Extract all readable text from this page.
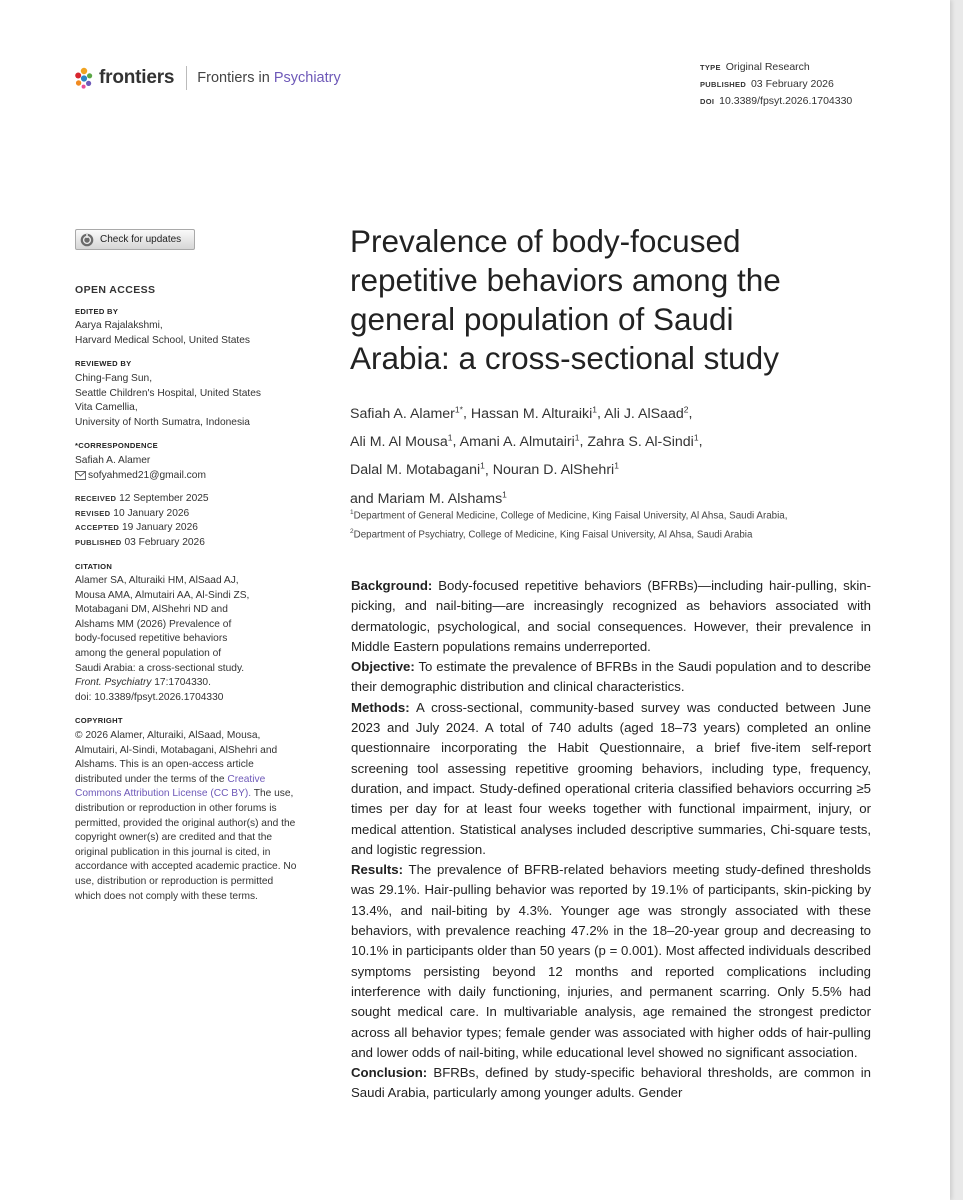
frontiers Frontiers in Psychiatry
TYPE Original Research
PUBLISHED 03 February 2026
DOI 10.3389/fpsyt.2026.1704330
Check for updates
OPEN ACCESS
EDITED BY
Aarya Rajalakshmi,
Harvard Medical School, United States
REVIEWED BY
Ching-Fang Sun,
Seattle Children's Hospital, United States
Vita Camellia,
University of North Sumatra, Indonesia
*CORRESPONDENCE
Safiah A. Alamer
sofyahmed21@gmail.com
RECEIVED 12 September 2025
REVISED 10 January 2026
ACCEPTED 19 January 2026
PUBLISHED 03 February 2026
CITATION
Alamer SA, Alturaiki HM, AlSaad AJ,
Mousa AMA, Almutairi AA, Al-Sindi ZS,
Motabagani DM, AlShehri ND and
Alshams MM (2026) Prevalence of
body-focused repetitive behaviors
among the general population of
Saudi Arabia: a cross-sectional study.
Front. Psychiatry 17:1704330.
doi: 10.3389/fpsyt.2026.1704330
COPYRIGHT
© 2026 Alamer, Alturaiki, AlSaad, Mousa, Almutairi, Al-Sindi, Motabagani, AlShehri and Alshams. This is an open-access article distributed under the terms of the Creative Commons Attribution License (CC BY). The use, distribution or reproduction in other forums is permitted, provided the original author(s) and the copyright owner(s) are credited and that the original publication in this journal is cited, in accordance with accepted academic practice. No use, distribution or reproduction is permitted which does not comply with these terms.
Prevalence of body-focused
repetitive behaviors among the
general population of Saudi
Arabia: a cross-sectional study
Safiah A. Alamer$^{1*}$, Hassan M. Alturaiki$^1$, Ali J. AlSaad$^2$,
Ali M. Al Mousa$^1$, Amani A. Almutairi$^1$, Zahra S. Al-Sindi$^1$,
Dalal M. Motabagani$^1$, Nouran D. AlShehri$^1$
and Mariam M. Alshams$^1$
$^1$Department of General Medicine, College of Medicine, King Faisal University, Al Ahsa, Saudi Arabia,
$^2$Department of Psychiatry, College of Medicine, King Faisal University, Al Ahsa, Saudi Arabia
Background: Body-focused repetitive behaviors (BFRBs)—including hair-pulling, skin-picking, and nail-biting—are increasingly recognized as behaviors associated with dermatologic, psychological, and social consequences. However, their prevalence in Middle Eastern populations remains underreported.
Objective: To estimate the prevalence of BFRBs in the Saudi population and to describe their demographic distribution and clinical characteristics.
Methods: A cross-sectional, community-based survey was conducted between June 2023 and July 2024. A total of 740 adults (aged 18–73 years) completed an online questionnaire incorporating the Habit Questionnaire, a brief five-item self-report screening tool assessing repetitive grooming behaviors, including type, frequency, duration, and impact. Study-defined operational criteria classified behaviors occurring ≥5 times per day for at least four weeks together with functional impairment, injury, or medical attention. Statistical analyses included descriptive summaries, Chi-square tests, and logistic regression.
Results: The prevalence of BFRB-related behaviors meeting study-defined thresholds was 29.1%. Hair-pulling behavior was reported by 19.1% of participants, skin-picking by 13.4%, and nail-biting by 4.3%. Younger age was strongly associated with these behaviors, with prevalence reaching 47.2% in the 18–20-year group and decreasing to 10.1% in participants older than 50 years (p = 0.001). Most affected individuals described symptoms persisting beyond 12 months and reported complications including interference with daily functioning, injuries, and permanent scarring. Only 5.5% had sought medical care. In multivariable analysis, age remained the strongest predictor across all behavior types; female gender was associated with higher odds of hair-pulling and lower odds of nail-biting, while educational level showed no significant association.
Conclusion: BFRBs, defined by study-specific behavioral thresholds, are common in Saudi Arabia, particularly among younger adults. Gender
